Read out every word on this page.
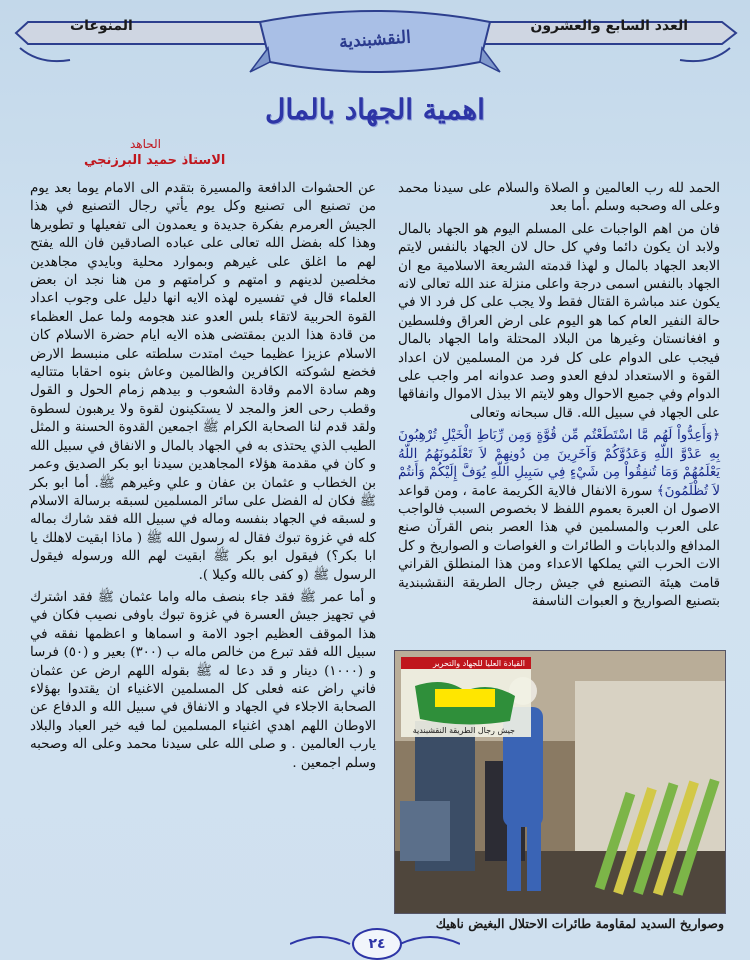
العدد السابع والعشرون
المنوعات
النقشبندية
اهمية الجهاد بالمال
الحاهد
الاستاذ حميد البرزنجي

الحمد لله رب العالمين و الصلاة والسلام على سيدنا محمد وعلى اله وصحبه وسلم .أما بعد

فان من اهم الواجبات على المسلم اليوم هو الجهاد بالمال ولابد ان يكون دائما وفي كل حال لان الجهاد بالنفس لايتم الابعد الجهاد بالمال و لهذا قدمته الشريعة الاسلامية مع ان الجهاد بالنفس اسمى درجة واعلى منزلة عند الله تعالى لانه يكون عند مباشرة القتال فقط ولا يجب على كل فرد الا في حالة النفير العام كما هو اليوم على ارض العراق وفلسطين و افغانستان وغيرها من البلاد المحتلة واما الجهاد بالمال فيجب على الدوام على كل فرد من المسلمين لان اعداد القوة و الاستعداد لدفع العدو وصد عدوانه امر واجب على الدوام وفي جميع الاحوال وهو لايتم الا ببذل الاموال وانفاقها على الجهاد في سبيل الله. قال سبحانه وتعالى

﴿وَأَعِدُّواْ لَهُم مَّا اسْتَطَعْتُم مِّن قُوَّةٍ وَمِن رِّبَاطِ الْخَيْلِ تُرْهِبُونَ بِهِ عَدْوَّ اللّهِ وَعَدُوَّكُمْ وَآخَرِينَ مِن دُونِهِمْ لاَ تَعْلَمُونَهُمُ اللّهُ يَعْلَمُهُمْ وَمَا تُنفِقُواْ مِن شَيْءٍ فِي سَبِيلِ اللّهِ يُوَفَّ إِلَيْكُمْ وَأَنتُمْ لاَ تُظْلَمُونَ﴾ سورة الانفال فالاية الكريمة عامة ، ومن قواعد الاصول ان العبرة بعموم اللفظ لا بخصوص السبب فالواجب على العرب والمسلمين في هذا العصر بنص القرآن صنع المدافع والدبابات و الطائرات و الغواصات و الصواريخ و كل الات الحرب التي يملكها الاعداء ومن هذا المنطلق القراني قامت هيئة التصنيع في جيش رجال الطريقة النقشبندية بتصنيع الصواريخ و العبوات الناسفة

عن الحشوات الدافعة والمسيرة بتقدم الى الامام يوما بعد يوم من تصنيع الى تصنيع وكل يوم يأتي رجال التصنيع في هذا الجيش العرمرم بفكرة جديدة و يعمدون الى تفعيلها و تطويرها وهذا كله بفضل الله تعالى على عباده الصادقين فان الله يفتح لهم ما اغلق على غيرهم وبموارد محلية وبايدي مجاهدين مخلصين لدينهم و امتهم و كرامتهم و من هنا نجد ان بعض العلماء قال في تفسيره لهذه الايه انها دليل على وجوب اعداد القوة الحربية لاتقاء بلس العدو عند هجومه ولما عمل العظماء من قادة هذا الدين بمقتضى هذه الايه ايام حضرة الاسلام كان الاسلام عزيزا عظيما حيث امتدت سلطته على منبسط الارض فخضع لشوكته الكافرين والظالمين وعاش بنوه احقابا متتاليه وهم سادة الامم وقادة الشعوب و بيدهم زمام الحول و القول وقطب رحى العز والمجد لا يستكينون لقوة ولا يرهبون لسطوة ولقد قدم لنا الصحابة الكرام ﷺ اجمعين القدوة الحسنة و المثل الطيب الذي يحتذى به في الجهاد بالمال و الانفاق في سبيل الله و كان في مقدمة هؤلاء المجاهدين سيدنا ابو بكر الصديق وعمر بن الخطاب و عثمان بن عفان و علي وغيرهم ﷺ. أما ابو بكر ﷺ فكان له الفضل على سائر المسلمين لسبقه برسالة الاسلام و لسبقه في الجهاد بنفسه وماله في سبيل الله فقد شارك بماله كله في غزوة تبوك فقال له رسول الله ﷺ ( ماذا ابقيت لاهلك يا ابا بكر؟) فيقول ابو بكر ﷺ ابقيت لهم الله ورسوله فيقول الرسول ﷺ (و كفى بالله وكيلا ).

و أما عمر ﷺ فقد جاء بنصف ماله واما عثمان ﷺ فقد اشترك في تجهيز جيش العسرة في غزوة تبوك باوفى نصيب فكان في هذا الموقف العظيم اجود الامة و اسماها و اعظمها نفقه في سبيل الله فقد تبرع من خالص ماله ب (٣٠٠) بعير و (٥٠) فرسا و (١٠٠٠) دينار و قد دعا له ﷺ بقوله اللهم ارض عن عثمان فاني راض عنه فعلى كل المسلمين الاغنياء ان يقتدوا بهؤلاء الصحابة الاجلاء في الجهاد و الانفاق في سبيل الله و الدفاع عن الاوطان اللهم اهدي اغنياء المسلمين لما فيه خير العباد والبلاد يارب العالمين . و صلى الله على سيدنا محمد وعلى اله وصحبه وسلم اجمعين .

القيادة العليا للجهاد والتحرير
جيش رجال الطريقة النقشبندية
وصواريخ السديد لمقاومة طائرات الاحتلال البغيض ناهيك
٢٤
